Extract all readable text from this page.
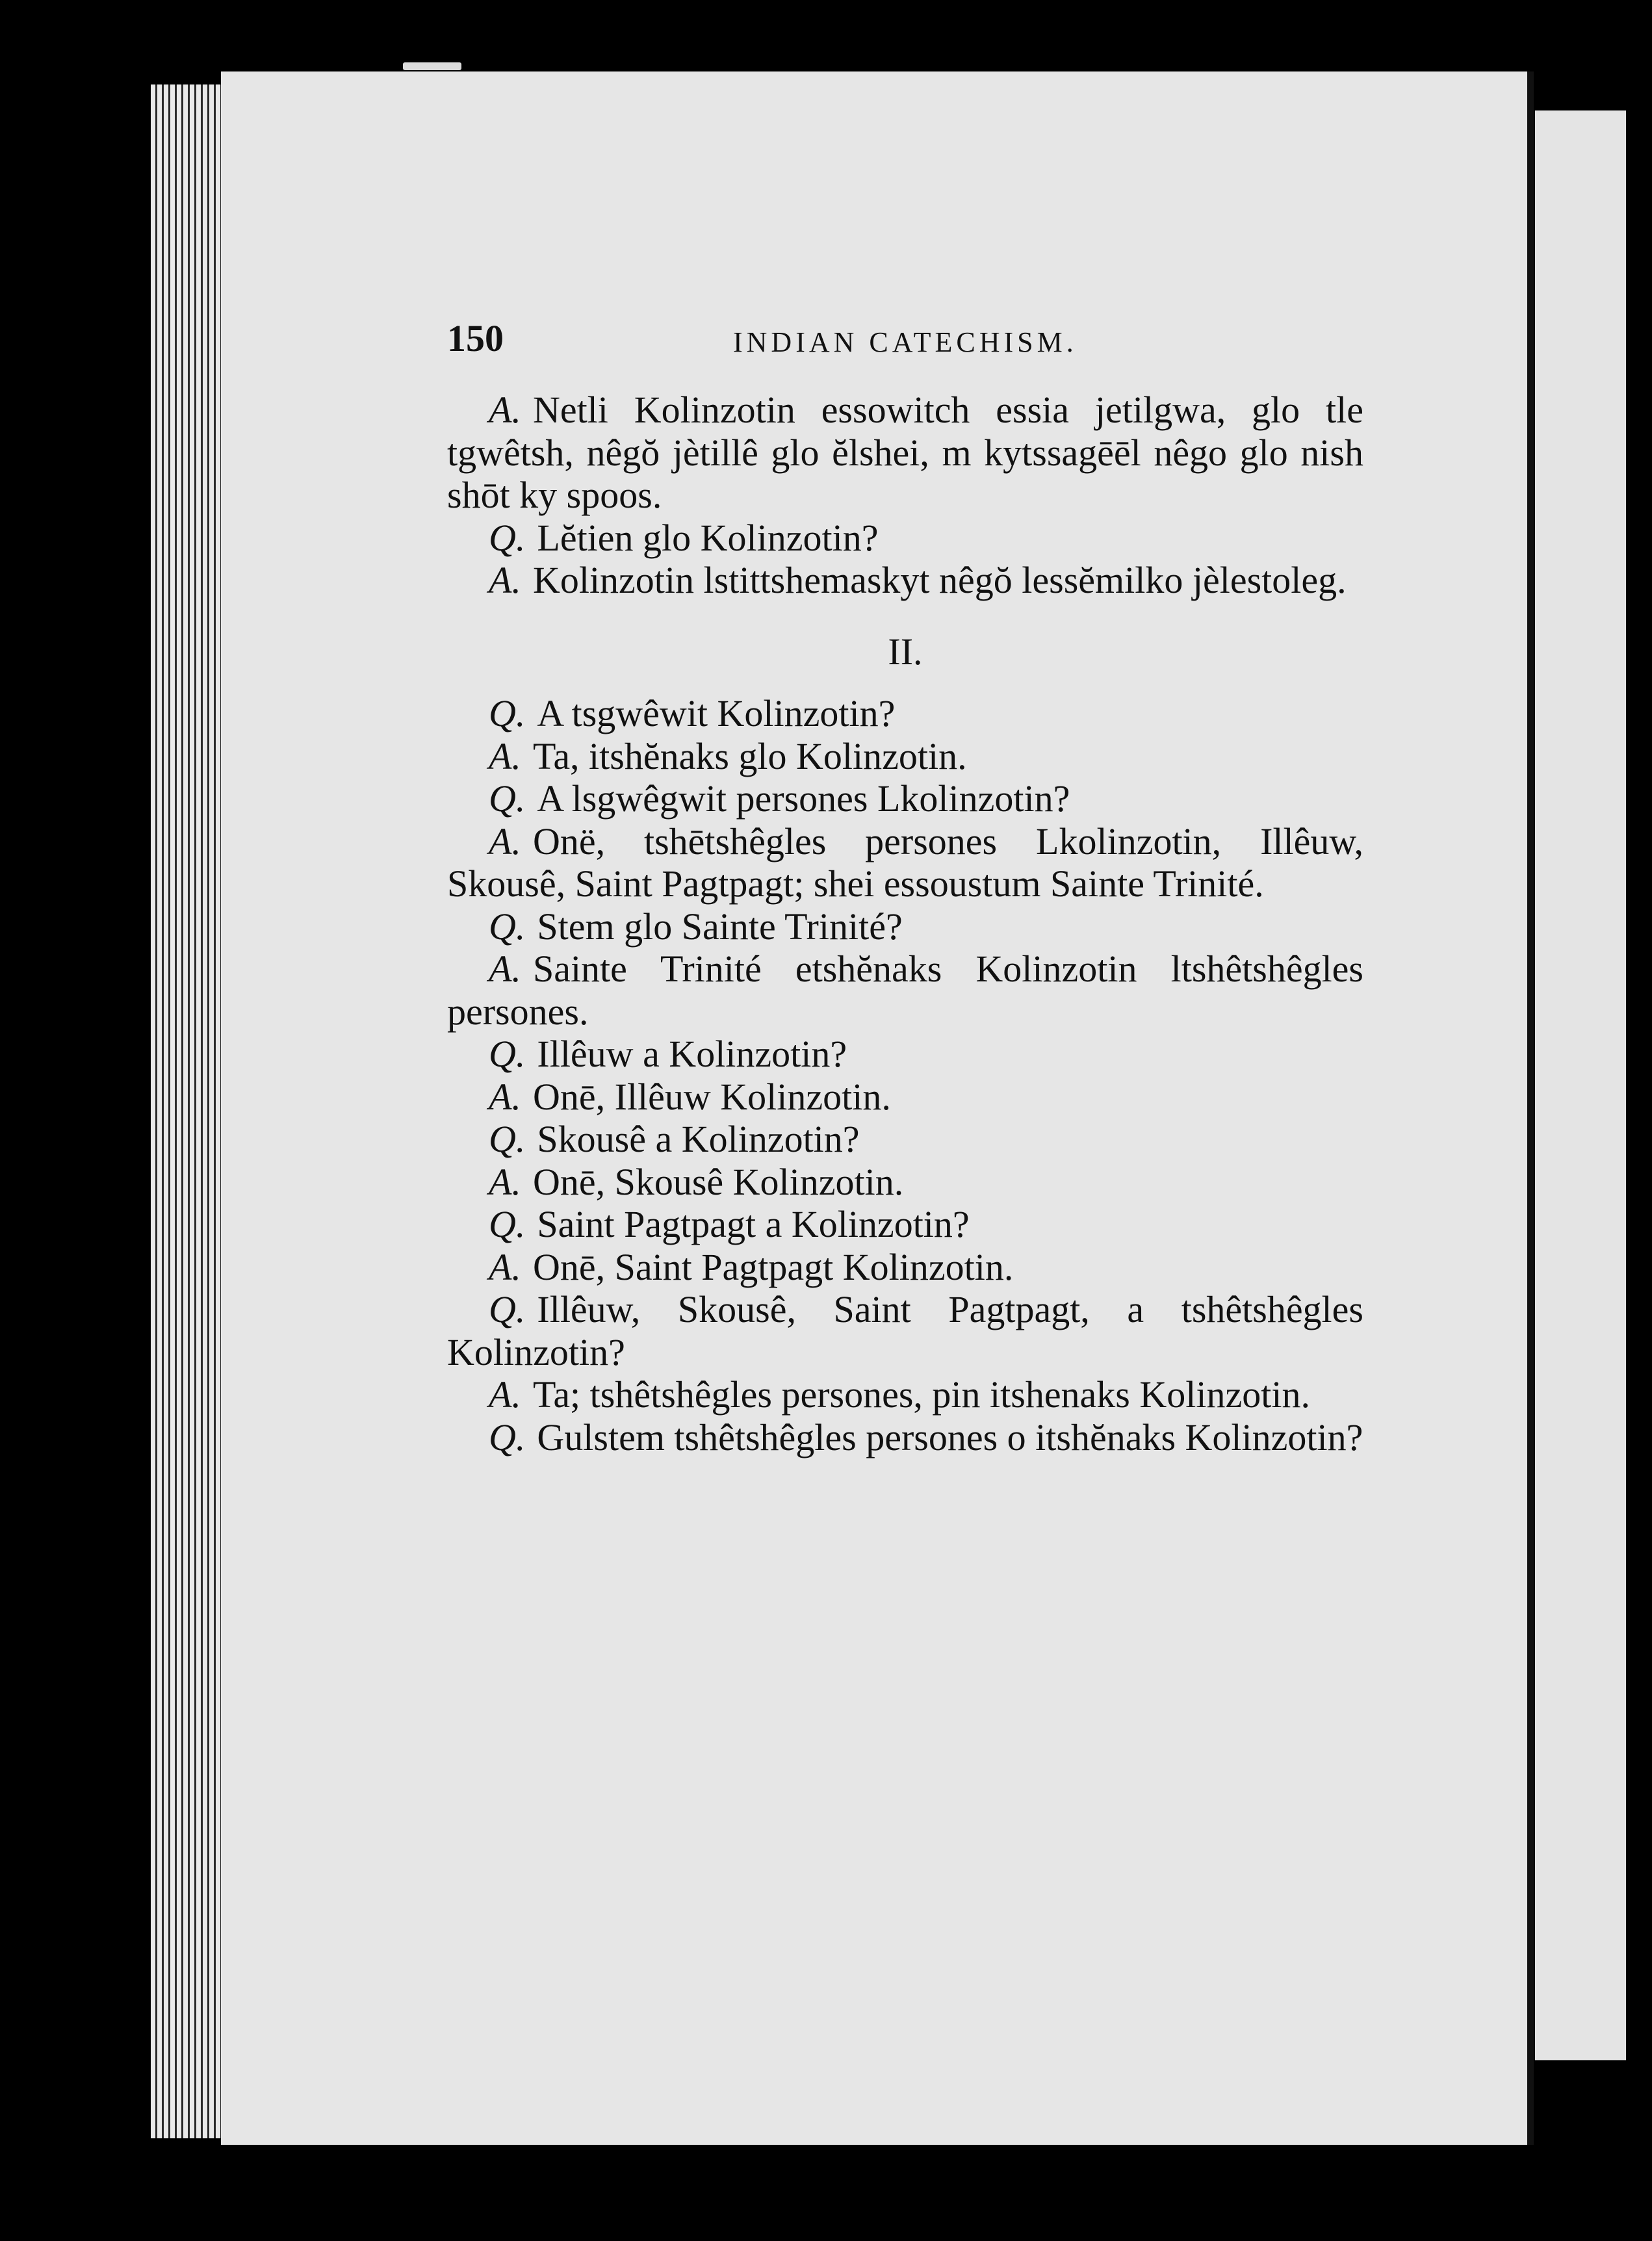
150	INDIAN CATECHISM.

A. Netli Kolinzotin essowitch essia jetilgwa, glo tle tgwêtsh, nêgŏ jètillê glo ĕlshei, m kytssagēēl nêgo glo nish shōt ky spoos.

Q. Lĕtien glo Kolinzotin?

A. Kolinzotin lstittshemaskyt nêgŏ lessĕmilko jèlestoleg.

II.

Q. A tsgwêwit Kolinzotin?

A. Ta, itshĕnaks glo Kolinzotin.

Q. A lsgwêgwit persones Lkolinzotin?

A. Onë, tshētshêgles persones Lkolinzotin, Illêuw, Skousê, Saint Pagtpagt; shei essoustum Sainte Trinité.

Q. Stem glo Sainte Trinité?

A. Sainte Trinité etshĕnaks Kolinzotin ltshêtshêgles persones.

Q. Illêuw a Kolinzotin?

A. Onē, Illêuw Kolinzotin.

Q. Skousê a Kolinzotin?

A. Onē, Skousê Kolinzotin.

Q. Saint Pagtpagt a Kolinzotin?

A. Onē, Saint Pagtpagt Kolinzotin.

Q. Illêuw, Skousê, Saint Pagtpagt, a tshêtshêgles Kolinzotin?

A. Ta; tshêtshêgles persones, pin itshenaks Kolinzotin.

Q. Gulstem tshêtshêgles persones o itshĕnaks Kolinzotin?
